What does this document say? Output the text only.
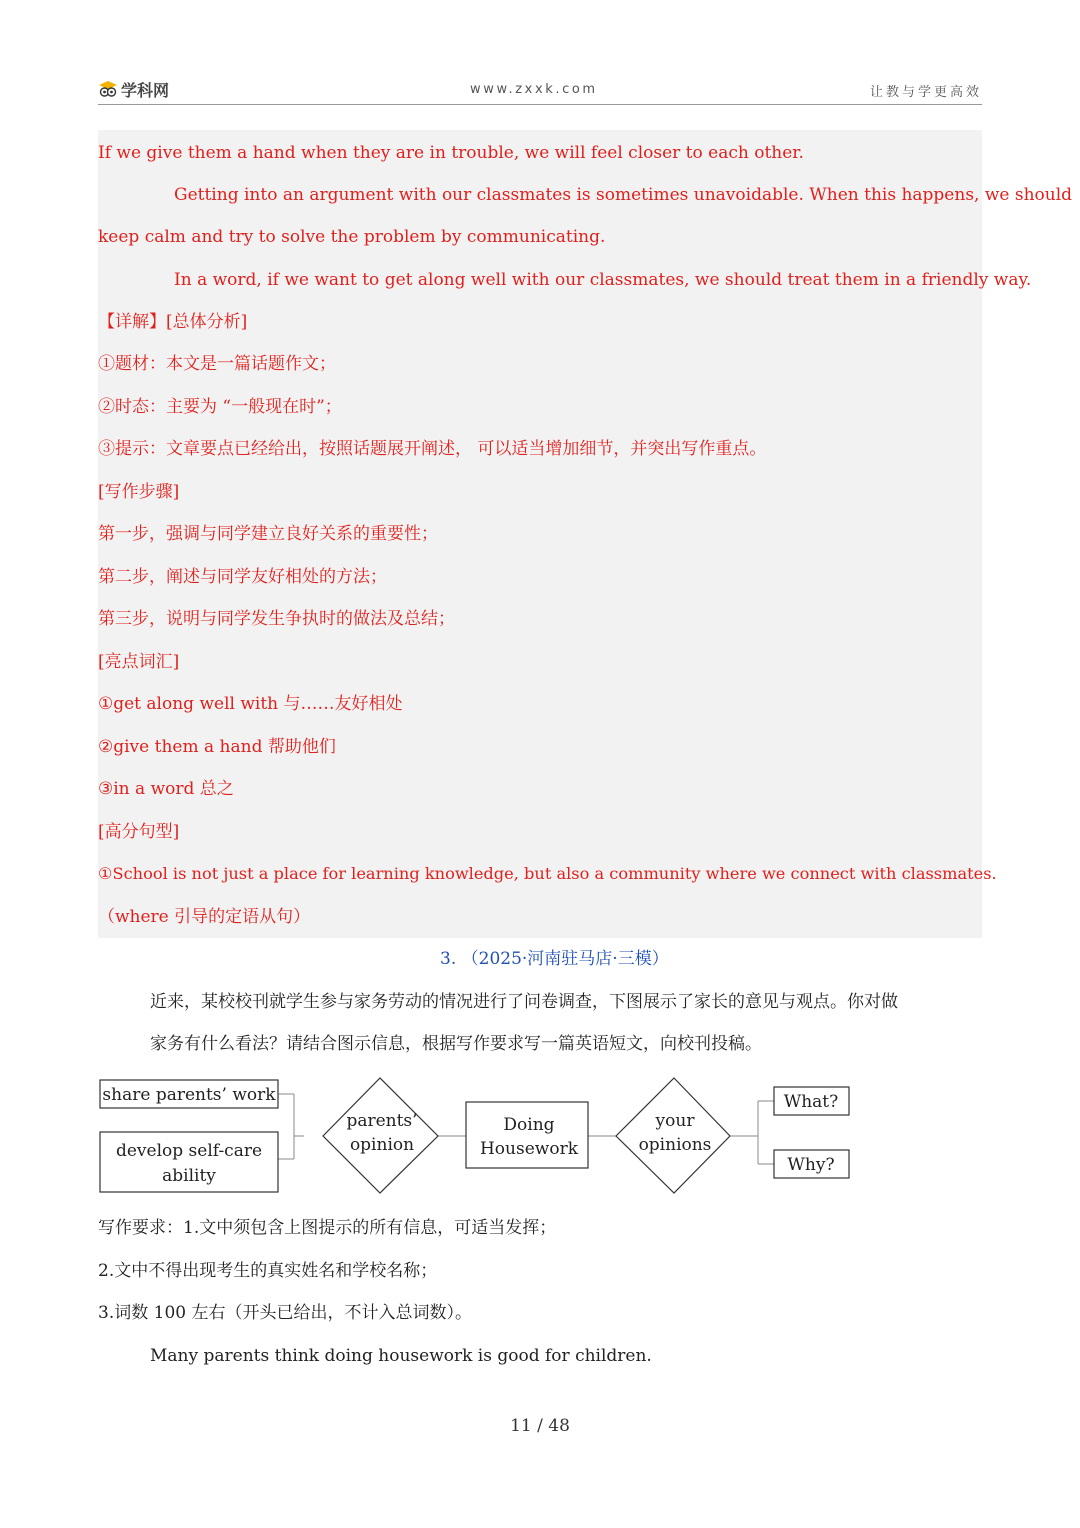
学科网	www.zxxk.com	让教与学更高效
If we give them a hand when they are in trouble, we will feel closer to each other.
Getting into an argument with our classmates is sometimes unavoidable. When this happens, we should
keep calm and try to solve the problem by communicating.
In a word, if we want to get along well with our classmates, we should treat them in a friendly way.
【详解】[总体分析]
①题材：本文是一篇话题作文；
②时态：主要为 “一般现在时”；
③提示：文章要点已经给出，按照话题展开阐述， 可以适当增加细节，并突出写作重点。
[写作步骤]
第一步，强调与同学建立良好关系的重要性；
第二步，阐述与同学友好相处的方法；
第三步，说明与同学发生争执时的做法及总结；
[亮点词汇]
①get along well with 与……友好相处
②give them a hand 帮助他们
③in a word 总之
[高分句型]
①School is not just a place for learning knowledge, but also a community where we connect with classmates.
（where 引导的定语从句）
3. （2025·河南驻马店·三模）
近来，某校校刊就学生参与家务劳动的情况进行了问卷调查，下图展示了家长的意见与观点。你对做
家务有什么看法？请结合图示信息，根据写作要求写一篇英语短文，向校刊投稿。
share parents’ work
develop self-care
ability
parents’
opinion
Doing
Housework
your
opinions
What?
Why?
写作要求：1.文中须包含上图提示的所有信息，可适当发挥；
2.文中不得出现考生的真实姓名和学校名称；
3.词数 100 左右（开头已给出，不计入总词数）。
Many parents think doing housework is good for children.
11 / 48
